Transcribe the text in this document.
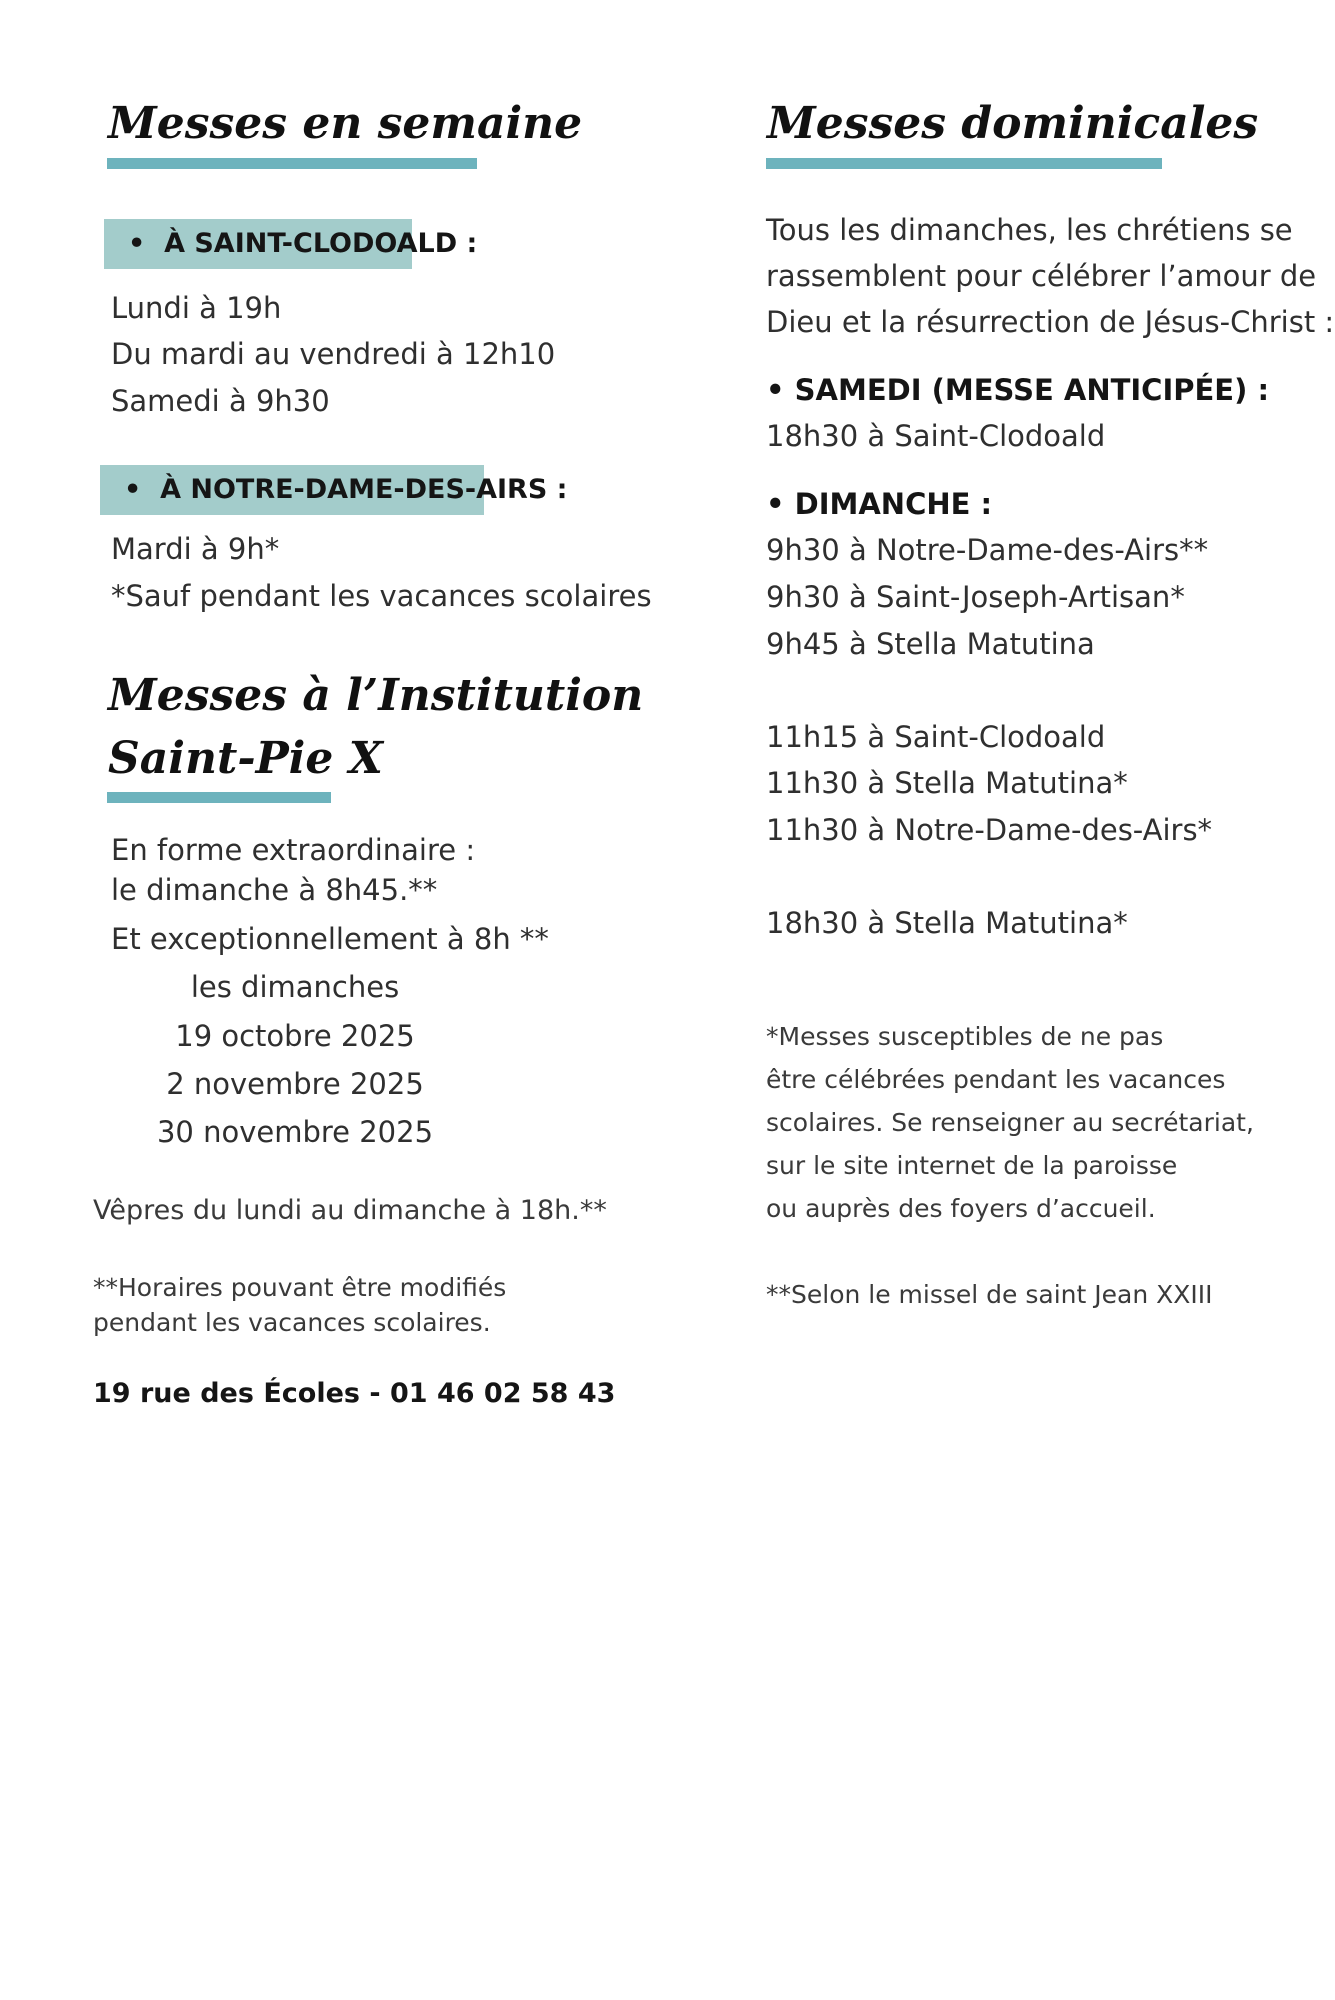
Messes en semaine
•  À SAINT-CLODOALD :
Lundi à 19h
Du mardi au vendredi à 12h10
Samedi à 9h30
•  À NOTRE-DAME-DES-AIRS :
Mardi à 9h*
*Sauf pendant les vacances scolaires
Messes à l’Institution
Saint-Pie X
En forme extraordinaire :
le dimanche à 8h45.**
Et exceptionnellement à 8h **
les dimanches
19 octobre 2025
2 novembre 2025
30 novembre 2025
Vêpres du lundi au dimanche à 18h.**
**Horaires pouvant être modifiés
pendant les vacances scolaires.
19 rue des Écoles - 01 46 02 58 43
Messes dominicales
Tous les dimanches, les chrétiens se
rassemblent pour célébrer l’amour de
Dieu et la résurrection de Jésus-Christ :
• SAMEDI (MESSE ANTICIPÉE) :
18h30 à Saint-Clodoald
• DIMANCHE :
9h30 à Notre-Dame-des-Airs**
9h30 à Saint-Joseph-Artisan*
9h45 à Stella Matutina
11h15 à Saint-Clodoald
11h30 à Stella Matutina*
11h30 à Notre-Dame-des-Airs*
18h30 à Stella Matutina*
*Messes susceptibles de ne pas
être célébrées pendant les vacances
scolaires. Se renseigner au secrétariat,
sur le site internet de la paroisse
ou auprès des foyers d’accueil.
**Selon le missel de saint Jean XXIII
